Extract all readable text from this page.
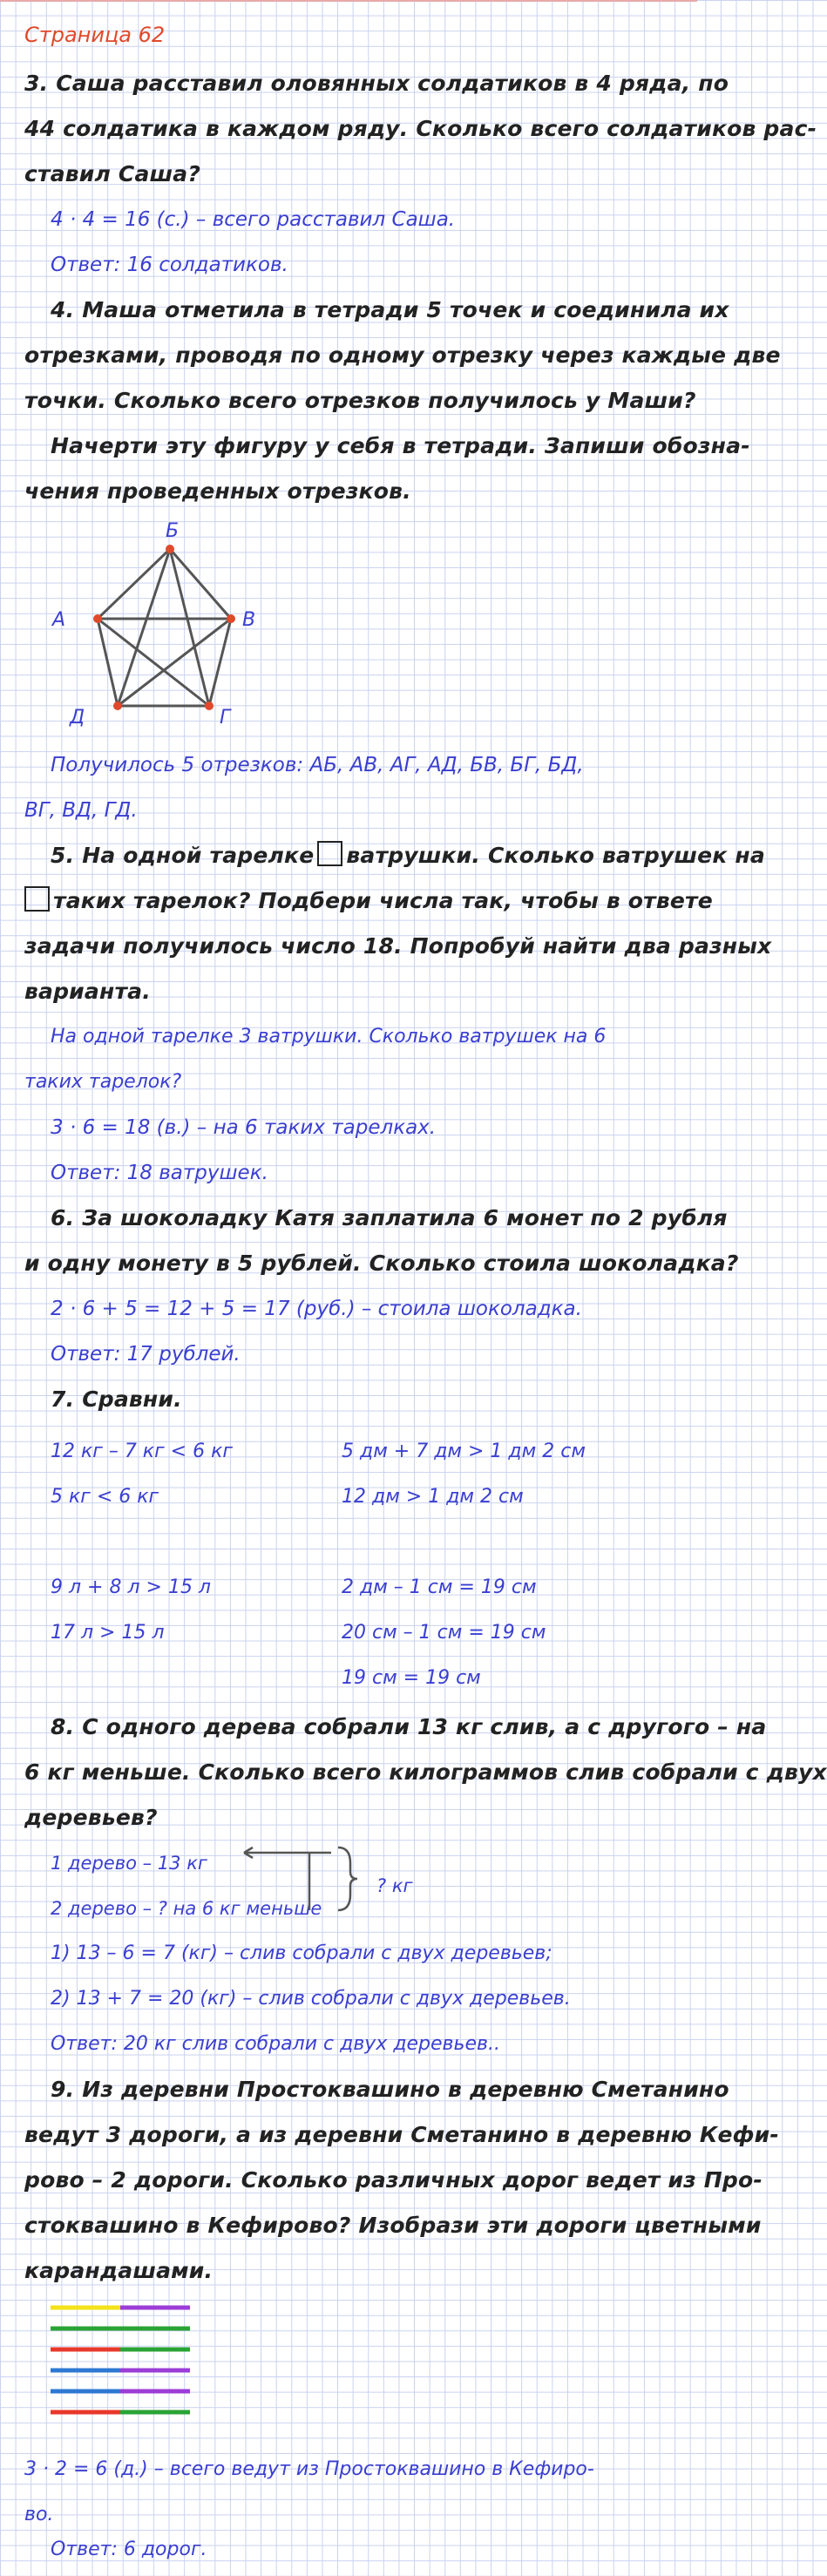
Страница 62
3. Саша расставил оловянных солдатиков в 4 ряда, по
44 солдатика в каждом ряду. Сколько всего солдатиков рас-
ставил Саша?
4 · 4 = 16 (с.) – всего расставил Саша.
Ответ: 16 солдатиков.
4. Маша отметила в тетради 5 точек и соединила их
отрезками, проводя по одному отрезку через каждые две
точки. Сколько всего отрезков получилось у Маши?
Начерти эту фигуру у себя в тетради. Запиши обозна-
чения проведенных отрезков.
Б
А	В
Д	Г
Получилось 5 отрезков: АБ, АВ, АГ, АД, БВ, БГ, БД,
ВГ, ВД, ГД.
5. На одной тарелке ватрушки. Сколько ватрушек на
таких тарелок? Подбери числа так, чтобы в ответе
задачи получилось число 18. Попробуй найти два разных
варианта.
На одной тарелке 3 ватрушки. Сколько ватрушек на 6
таких тарелок?
3 · 6 = 18 (в.) – на 6 таких тарелках.
Ответ: 18 ватрушек.
6. За шоколадку Катя заплатила 6 монет по 2 рубля
и одну монету в 5 рублей. Сколько стоила шоколадка?
2 · 6 + 5 = 12 + 5 = 17 (руб.) – стоила шоколадка.
Ответ: 17 рублей.
7. Сравни.
12 кг – 7 кг < 6 кг
5 кг < 6 кг
9 л + 8 л > 15 л
17 л > 15 л
5 дм + 7 дм > 1 дм 2 см
12 дм > 1 дм 2 см
2 дм – 1 см = 19 см
20 см – 1 см = 19 см
19 см = 19 см
8. С одного дерева собрали 13 кг слив, а с другого – на
6 кг меньше. Сколько всего килограммов слив собрали с двух
деревьев?
1 дерево – 13 кг
2 дерево – ? на 6 кг меньше
? кг
1) 13 – 6 = 7 (кг) – слив собрали с двух деревьев;
2) 13 + 7 = 20 (кг) – слив собрали с двух деревьев.
Ответ: 20 кг слив собрали с двух деревьев..
9. Из деревни Простоквашино в деревню Сметанино
ведут 3 дороги, а из деревни Сметанино в деревню Кефи-
рово – 2 дороги. Сколько различных дорог ведет из Про-
стоквашино в Кефирово? Изобрази эти дороги цветными
карандашами.
3 · 2 = 6 (д.) – всего ведут из Простоквашино в Кефиро-
во.
Ответ: 6 дорог.
